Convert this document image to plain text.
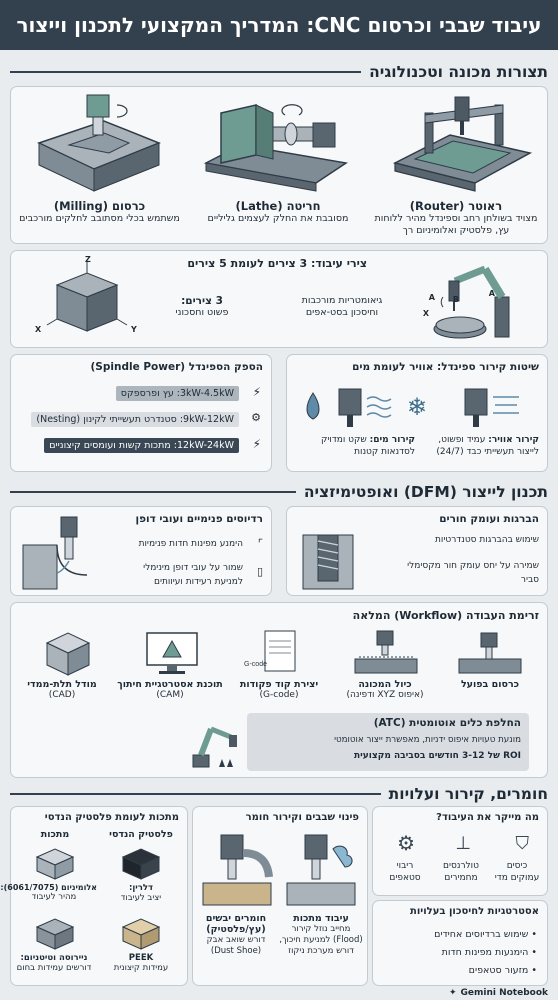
עיבוד שבבי וכרסום CNC: המדריך המקצועי לתכנון וייצור
תצורות מכונה וטכנולוגיה
ראוטר (Router)
מצויד בשולחן רחב וספינדל מהיר ללוחות
עץ, פלסטיק ואלומיניום רך
חריטה (Lathe)
מסובבת את החלק לעצמים גליליים
כרסום (Milling)
משתמש בכלי מסתובב לחלקים מורכבים
צירי עיבוד: 3 צירים לעומת 5 צירים
A
B
A
X
גיאומטריות מורכבות
וחיסכון בסט-אפים
3 צירים:
פשוט וחסכוני
Z
X	Y
שיטות קירור ספינדל: אוויר לעומת מים
❄
קירור אוויר: עמיד ופשוט,
לייצור תעשייתי כבד (24/7)
קירור מים: שקט ומדויק
לסדנאות קטנות
הספק הספינדל (Spindle Power)
⚡
3kW-4.5kW: עץ ופרספקס
⚙
9kW-12kW: סטנדרט תעשייתי לקינון (Nesting)
⚡
12kW-24kW: מתכות קשות ועומסים קיצוניים
תכנון לייצור (DFM) ואופטימיזציה
הברגות ועומק חורים
שימוש בהברגות סטנדרטיות
שמירה על יחס עומק חור מקסימלי
סביר
רדיוסים פנימיים ועובי דופן
⌜
הימנע מפינות חדות פנימיות
▯
שמור על עובי דופן מינימלי
למניעת רעידות ועיוותים
זרימת העבודה (Workflow) המלאה
G-code
כרסום בפועל
כיול המכונה
(איפוס XYZ ודפינה)
יצירת קוד פקודות
(G-code)
תוכנת אסטרטגיית חיתוך
(CAM)
מודל תלת-ממדי
(CAD)
החלפת כלים אוטומטית (ATC)
מונעת טעויות איפוס ידניות, מאפשרת ייצור אוטומטי
ROI של 3-12 חודשים בסביבה מקצועית
חומרים, קירור ועלויות
מה מייקר את העיבוד?
⛉
⊥
⚙
כיסים
עמוקים מדי
טולרנסים
מחמירים
ריבוי
סטאפים
אסטרטגיות לחיסכון בעלויות
• שימוש ברדיוסים אחידים
• הימנעות מפינות חדות
• מזעור סטאפים
פינוי שבבים וקירור חומר
עיבוד מתכות
מחייב נוזל קירור
(Flood) למניעת חיכוך,
דורש מערכת ניקוז
חומרים יבשים
(עץ/פלסטיק)
דורש שואב אבק
(Dust Shoe)
מתכות לעומת פלסטיק הנדסי
פלסטיק הנדסי
מתכות
דלרין:
יציב לעיבוד
אלומיניום (6061/7075):
מהיר לעיבוד
PEEK
עמידות קיצונית
ניירוסה וטיטניום:
דורשים עמידות בחום
✦ Gemini Notebook
